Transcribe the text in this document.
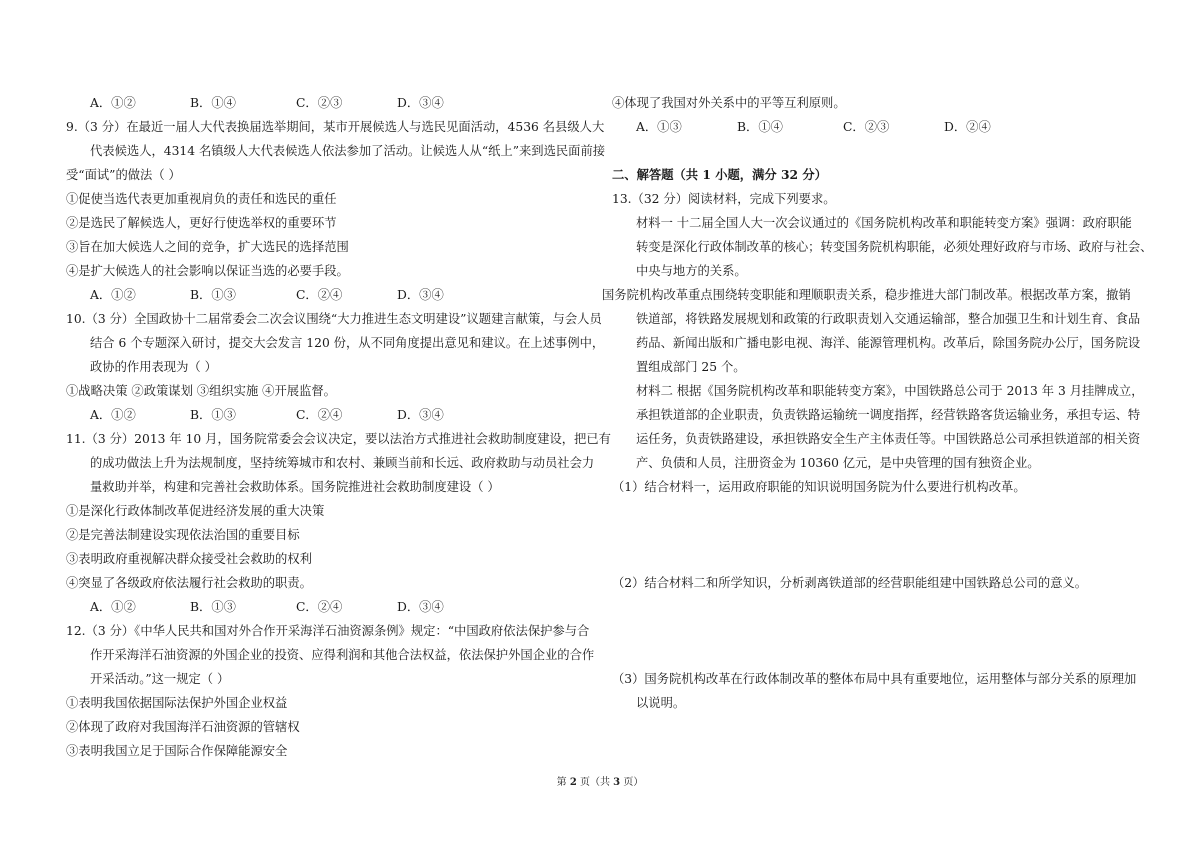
A．①②	B．①④	C．②③	D．③④
9.（3 分）在最近一届人大代表换届选举期间，某市开展候选人与选民见面活动，4536 名县级人大
代表候选人，4314 名镇级人大代表候选人依法参加了活动。让候选人从“纸上”来到选民面前接
受“面试”的做法（ ）
①促使当选代表更加重视肩负的责任和选民的重任
②是选民了解候选人，更好行使选举权的重要环节
③旨在加大候选人之间的竞争，扩大选民的选择范围
④是扩大候选人的社会影响以保证当选的必要手段。
A．①②	B．①③	C．②④	D．③④
10.（3 分）全国政协十二届常委会二次会议围绕“大力推进生态文明建设”议题建言献策，与会人员
结合 6 个专题深入研讨，提交大会发言 120 份，从不同角度提出意见和建议。在上述事例中，
政协的作用表现为（ ）
①战略决策 ②政策谋划 ③组织实施 ④开展监督。
A．①②	B．①③	C．②④	D．③④
11.（3 分）2013 年 10 月，国务院常委会会议决定，要以法治方式推进社会救助制度建设，把已有
的成功做法上升为法规制度，坚持统筹城市和农村、兼顾当前和长远、政府救助与动员社会力
量救助并举，构建和完善社会救助体系。国务院推进社会救助制度建设（ ）
①是深化行政体制改革促进经济发展的重大决策
②是完善法制建设实现依法治国的重要目标
③表明政府重视解决群众接受社会救助的权利
④突显了各级政府依法履行社会救助的职责。
A．①②	B．①③	C．②④	D．③④
12.（3 分）《中华人民共和国对外合作开采海洋石油资源条例》规定：“中国政府依法保护参与合
作开采海洋石油资源的外国企业的投资、应得利润和其他合法权益，依法保护外国企业的合作
开采活动。”这一规定（ ）
①表明我国依据国际法保护外国企业权益
②体现了政府对我国海洋石油资源的管辖权
③表明我国立足于国际合作保障能源安全
④体现了我国对外关系中的平等互利原则。
A．①③	B．①④	C．②③	D．②④
二、解答题（共 1 小题，满分 32 分）
13.（32 分）阅读材料，完成下列要求。
材料一 十二届全国人大一次会议通过的《国务院机构改革和职能转变方案》强调：政府职能
转变是深化行政体制改革的核心；转变国务院机构职能，必须处理好政府与市场、政府与社会、
中央与地方的关系。
国务院机构改革重点围绕转变职能和理顺职责关系，稳步推进大部门制改革。根据改革方案，撤销
铁道部，将铁路发展规划和政策的行政职责划入交通运输部，整合加强卫生和计划生育、食品
药品、新闻出版和广播电影电视、海洋、能源管理机构。改革后，除国务院办公厅，国务院设
置组成部门 25 个。
材料二 根据《国务院机构改革和职能转变方案》，中国铁路总公司于 2013 年 3 月挂牌成立，
承担铁道部的企业职责，负责铁路运输统一调度指挥，经营铁路客货运输业务，承担专运、特
运任务，负责铁路建设，承担铁路安全生产主体责任等。中国铁路总公司承担铁道部的相关资
产、负债和人员，注册资金为 10360 亿元，是中央管理的国有独资企业。
（1）结合材料一，运用政府职能的知识说明国务院为什么要进行机构改革。
（2）结合材料二和所学知识，分析剥离铁道部的经营职能组建中国铁路总公司的意义。
（3）国务院机构改革在行政体制改革的整体布局中具有重要地位，运用整体与部分关系的原理加
以说明。
第 2 页（共 3 页）
